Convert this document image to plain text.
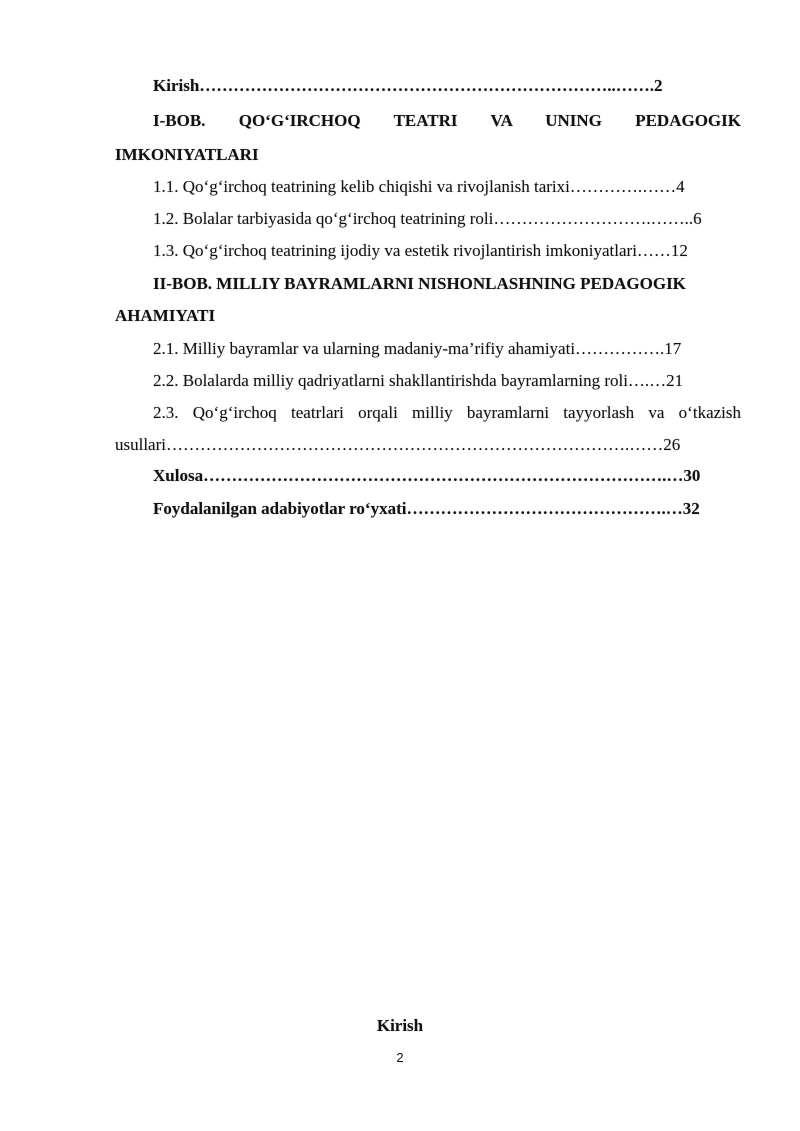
Kirish………………………………………………………………..…….2
I-BOB. QO‘G‘IRCHOQ TEATRI VA UNING PEDAGOGIK
IMKONIYATLARI
1.1. Qo‘g‘irchoq teatrining kelib chiqishi va rivojlanish tarixi………….……4
1.2. Bolalar tarbiyasida qo‘g‘irchoq teatrining roli……………………….……..6
1.3. Qo‘g‘irchoq teatrining ijodiy va estetik rivojlantirish imkoniyatlari……12
II-BOB. MILLIY BAYRAMLARNI NISHONLASHNING PEDAGOGIK
AHAMIYATI
2.1. Milliy bayramlar va ularning madaniy-ma’rifiy ahamiyati…………….17
2.2. Bolalarda milliy qadriyatlarni shakllantirishda bayramlarning roli….…21
2.3. Qo‘g‘irchoq teatrlari orqali milliy bayramlarni tayyorlash va o‘tkazish
usullari……………………………………………………………………….……26
Xulosa……………………………………………………………………….…30
Foydalanilgan adabiyotlar ro‘yxati……………………………………….…32
Kirish
2
